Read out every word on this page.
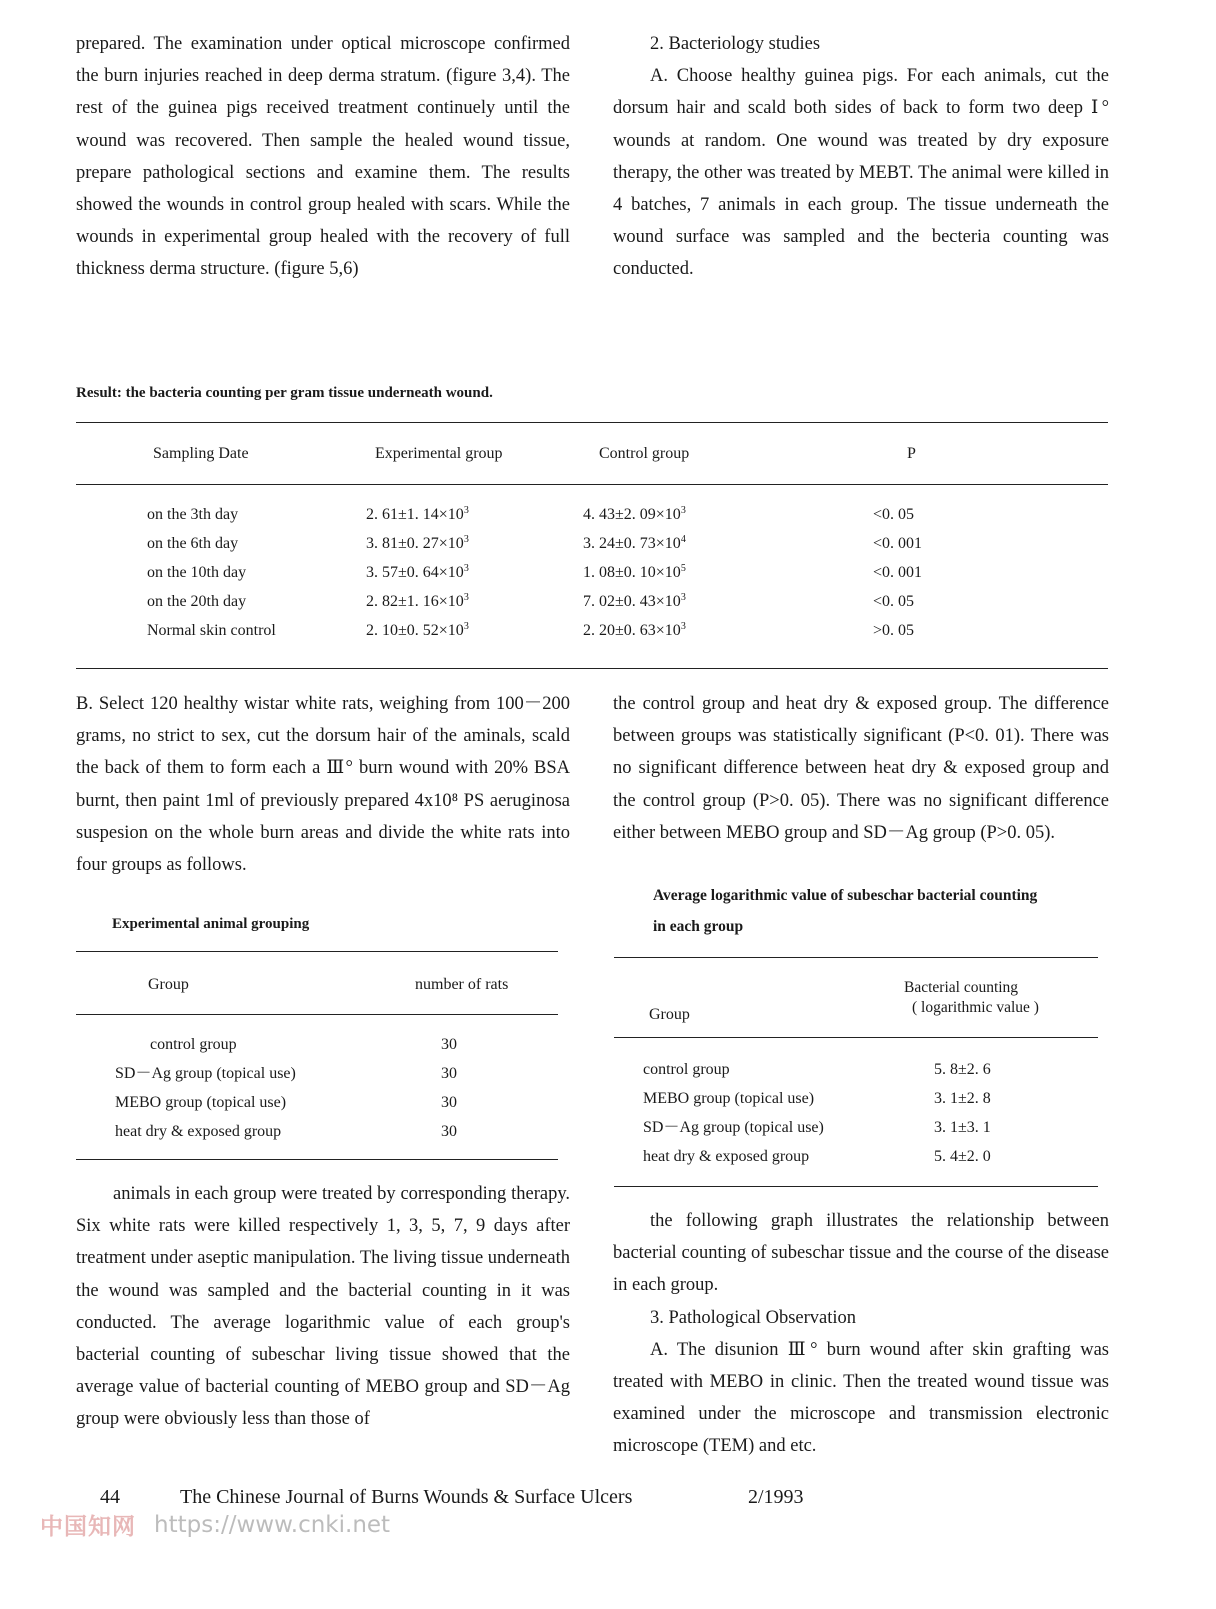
prepared. The examination under optical microscope confirmed the burn injuries reached in deep derma stratum. (figure 3,4). The rest of the guinea pigs received treatment continuely until the wound was recovered. Then sample the healed wound tissue, prepare pathological sections and examine them. The results showed the wounds in control group healed with scars. While the wounds in experimental group healed with the recovery of full thickness derma structure. (figure 5,6)

2. Bacteriology studies

A. Choose healthy guinea pigs. For each animals, cut the dorsum hair and scald both sides of back to form two deep Ⅰ° wounds at random. One wound was treated by dry exposure therapy, the other was treated by MEBT. The animal were killed in 4 batches, 7 animals in each group. The tissue underneath the wound surface was sampled and the becteria counting was conducted.

Result: the bacteria counting per gram tissue underneath wound.
Sampling Date	Experimental group	Control group	P
on the 3th day	2. 61±1. $14\times 10^3$	4. 43±2. $09\times 10^3$	<0. 05
on the 6th day	3. 81±0. $27\times 10^3$	3. 24±0. $73\times 10^4$	<0. 001
on the 10th day	3. 57±0. $64\times 10^3$	1. 08±0. $10\times 10^5$	<0. 001
on the 20th day	2. 82±1. $16\times 10^3$	7. 02±0. $43\times 10^3$	<0. 05
Normal skin control	2. 10±0. $52\times 10^3$	2. 20±0. $63\times 10^3$	>0. 05

B. Select 120 healthy wistar white rats, weighing from 100－200 grams, no strict to sex, cut the dorsum hair of the aminals, scald the back of them to form each a Ⅲ° burn wound with 20% BSA burnt, then paint 1ml of previously prepared 4x10⁸ PS aeruginosa suspesion on the whole burn areas and divide the white rats into four groups as follows.

Experimental animal grouping
Group	number of rats
control group	30
SD－Ag group (topical use)	30
MEBO group (topical use)	30
heat dry & exposed group	30

animals in each group were treated by corresponding therapy. Six white rats were killed respectively 1, 3, 5, 7, 9 days after treatment under aseptic manipulation. The living tissue underneath the wound was sampled and the bacterial counting in it was conducted. The average logarithmic value of each group's bacterial counting of subeschar living tissue showed that the average value of bacterial counting of MEBO group and SD－Ag group were obviously less than those of

the control group and heat dry & exposed group. The difference between groups was statistically significant (P<0. 01). There was no significant difference between heat dry & exposed group and the control group (P>0. 05). There was no significant difference either between MEBO group and SD－Ag group (P>0. 05).

Average logarithmic value of subeschar bacterial counting
in each group
Group
Bacterial counting
( logarithmic value )
control group	5. 8±2. 6
MEBO group (topical use)	3. 1±2. 8
SD－Ag group (topical use)	3. 1±3. 1
heat dry & exposed group	5. 4±2. 0

the following graph illustrates the relationship between bacterial counting of subeschar tissue and the course of the disease in each group.

3. Pathological Observation

A. The disunion Ⅲ° burn wound after skin grafting was treated with MEBO in clinic. Then the treated wound tissue was examined under the microscope and transmission electronic microscope (TEM) and etc.

44	The Chinese Journal of Burns Wounds & Surface Ulcers	2/1993
中国知网 https://www.cnki.net
